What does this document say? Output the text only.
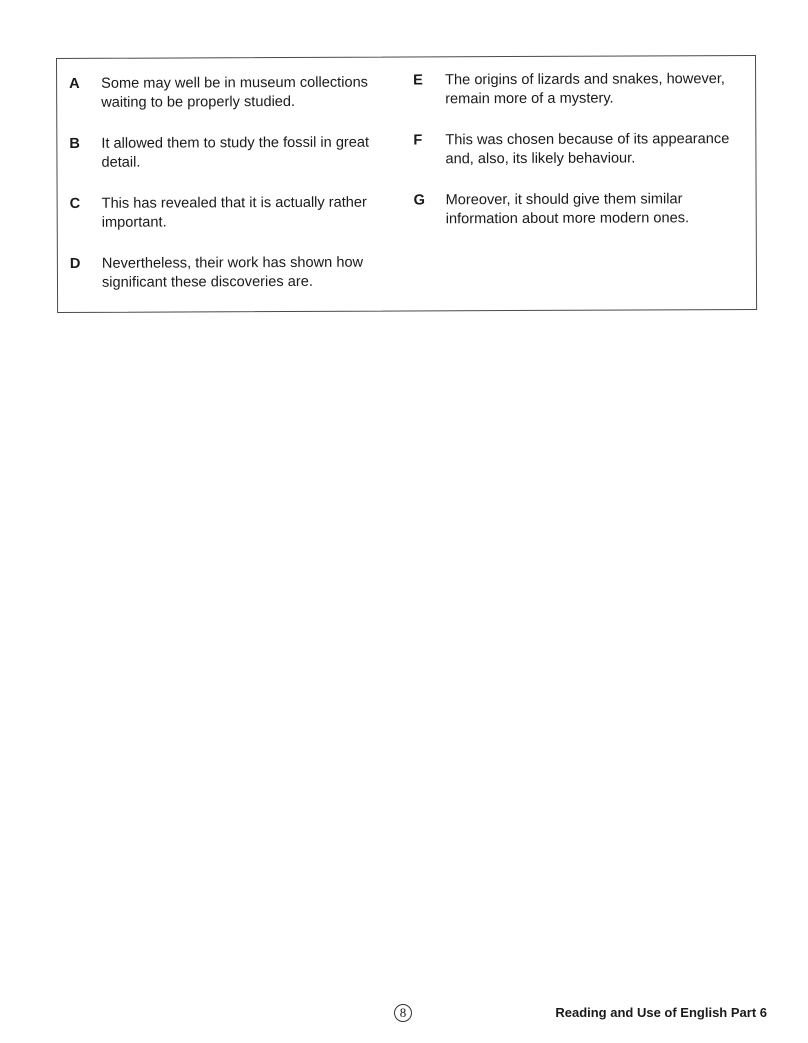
A Some may well be in museum collections waiting to be properly studied.
B It allowed them to study the fossil in great detail.
C This has revealed that it is actually rather important.
D Nevertheless, their work has shown how significant these discoveries are.
E The origins of lizards and snakes, however, remain more of a mystery.
F This was chosen because of its appearance and, also, its likely behaviour.
G Moreover, it should give them similar information about more modern ones.
8	Reading and Use of English Part 6
